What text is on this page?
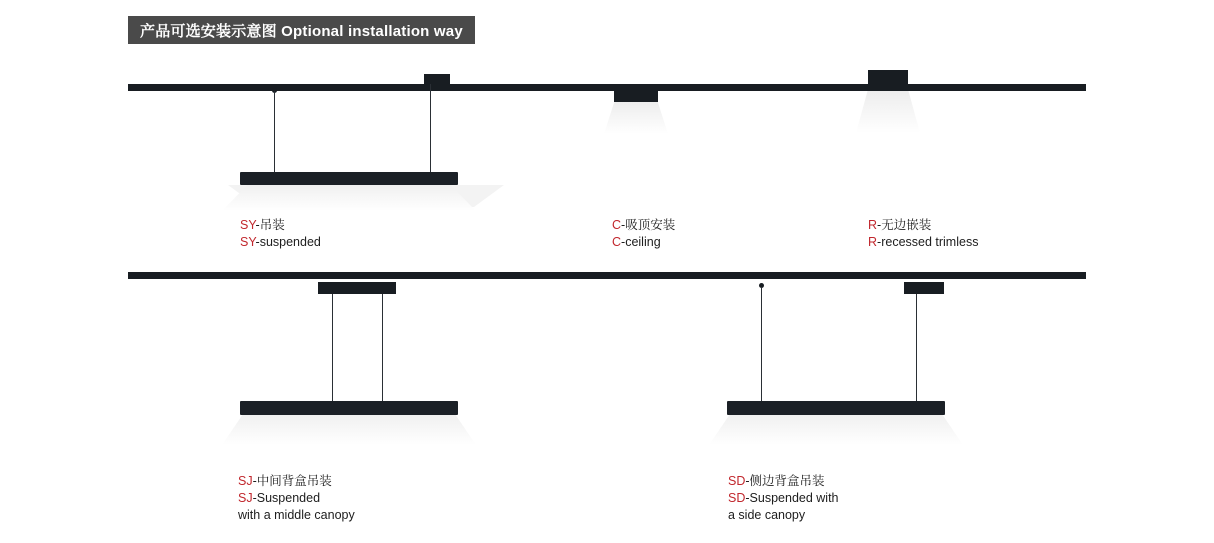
产品可选安装示意图 Optional installation way
SY-吊装
SY-suspended
C-吸顶安装
C-ceiling
R-无边嵌装
R-recessed trimless
SJ-中间背盒吊装
SJ-Suspended
with a middle canopy
SD-侧边背盒吊装
SD-Suspended with
a side canopy
